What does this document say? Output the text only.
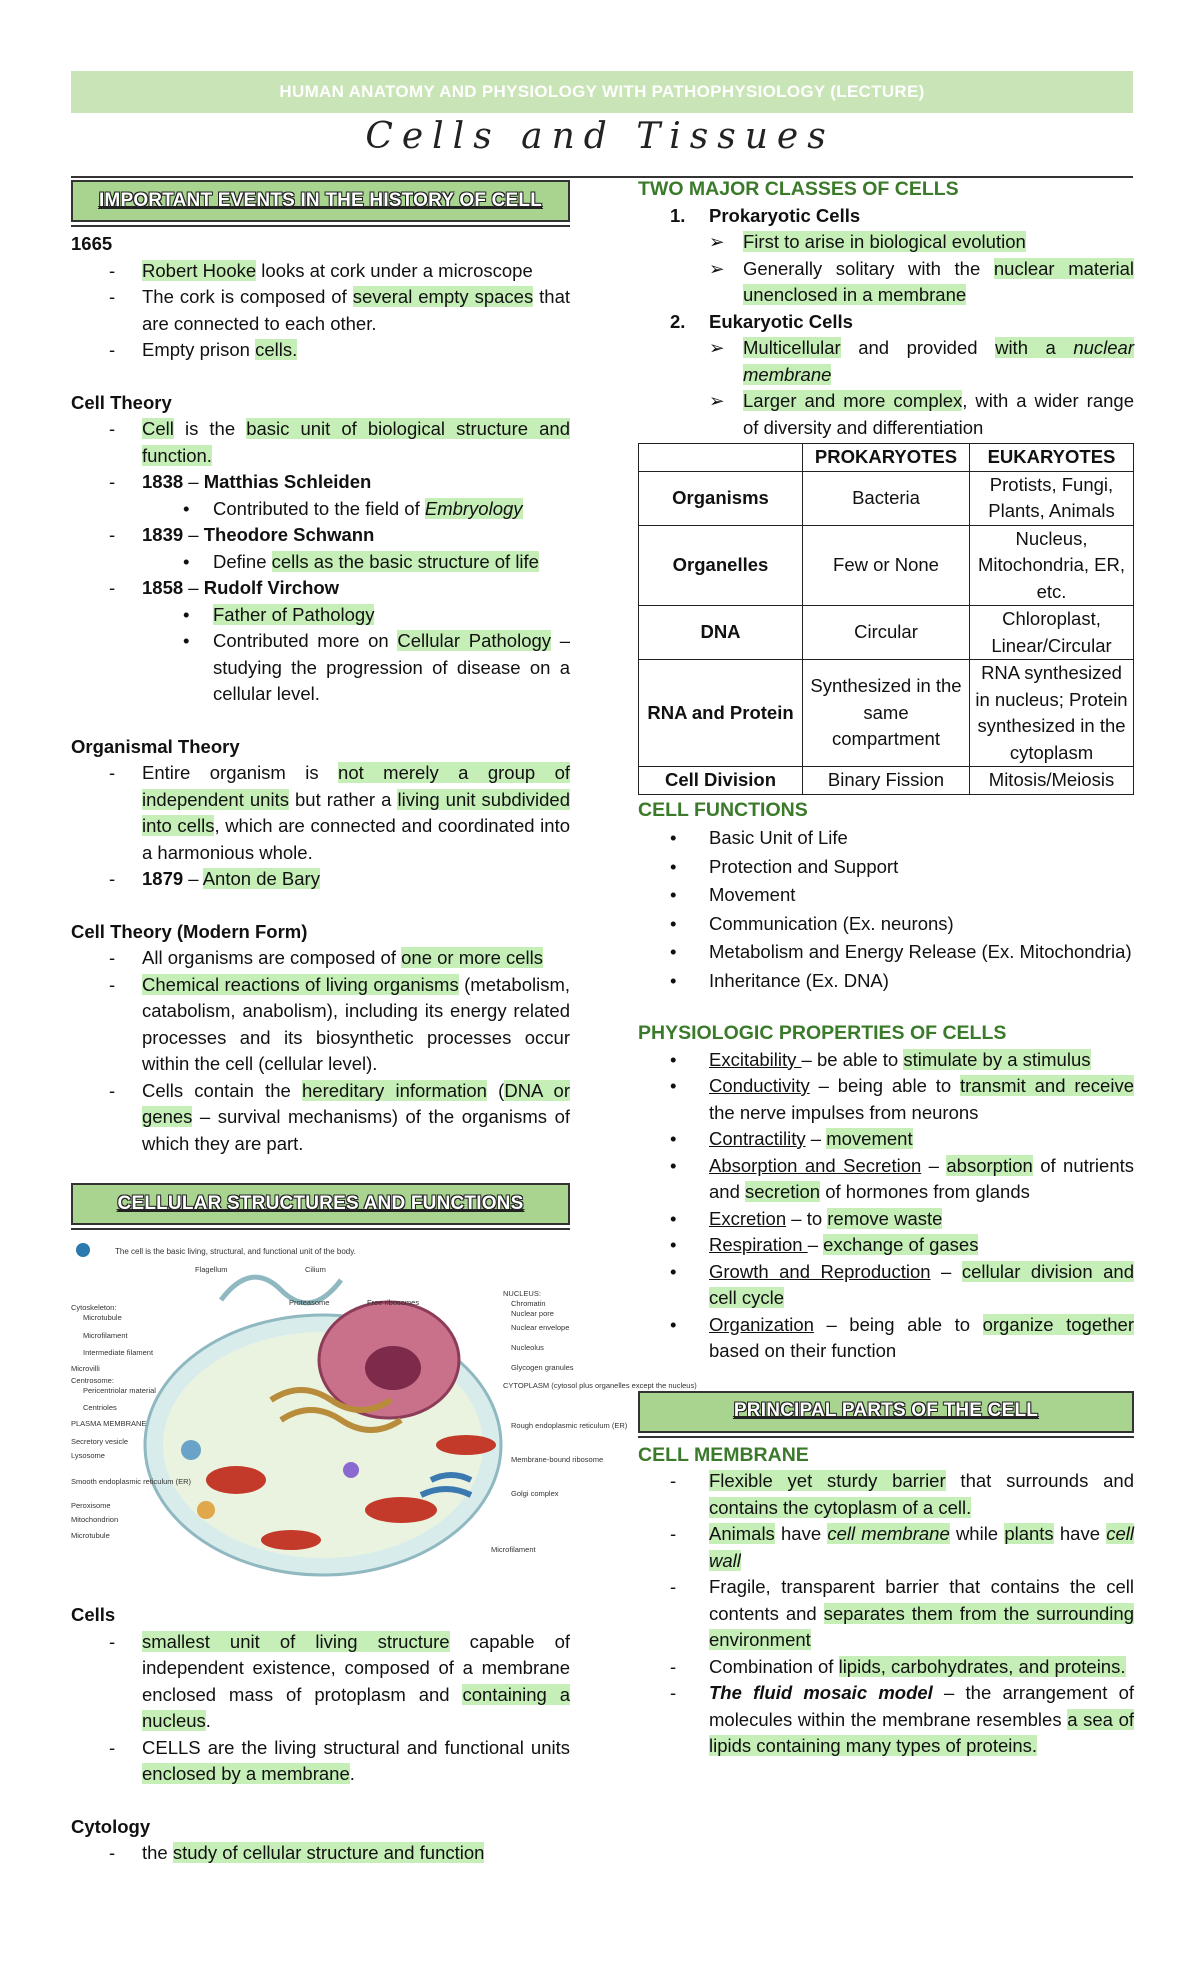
HUMAN ANATOMY AND PHYSIOLOGY WITH PATHOPHYSIOLOGY (LECTURE)
Cells and Tissues
IMPORTANT EVENTS IN THE HISTORY OF CELL
1665
-	Robert Hooke looks at cork under a microscope
-	The cork is composed of several empty spaces that are connected to each other.
-	Empty prison cells.
Cell Theory
-	Cell is the basic unit of biological structure and function.
-	1838 – Matthias Schleiden
•	Contributed to the field of Embryology
-	1839 – Theodore Schwann
•	Define cells as the basic structure of life
-	1858 – Rudolf Virchow
•	Father of Pathology
•	Contributed more on Cellular Pathology – studying the progression of disease on a cellular level.
Organismal Theory
-	Entire organism is not merely a group of independent units but rather a living unit subdivided into cells, which are connected and coordinated into a harmonious whole.
-	1879 – Anton de Bary
Cell Theory (Modern Form)
-	All organisms are composed of one or more cells
-	Chemical reactions of living organisms (metabolism, catabolism, anabolism), including its energy related processes and its biosynthetic processes occur within the cell (cellular level).
-	Cells contain the hereditary information (DNA or genes – survival mechanisms) of the organisms of which they are part.
CELLULAR STRUCTURES AND FUNCTIONS
The cell is the basic living, structural, and functional unit of the body.
Cytoskeleton:
Microtubule
Microfilament
Intermediate filament
Microvilli
Centrosome:
Pericentriolar material
Centrioles
PLASMA MEMBRANE
Secretory vesicle
Lysosome
Smooth endoplasmic reticulum (ER)
Peroxisome
Mitochondrion
Microtubule
Flagellum	Cilium
Proteasome	Free ribosomes
NUCLEUS:
Chromatin
Nuclear pore
Nuclear envelope
Nucleolus
Glycogen granules
CYTOPLASM (cytosol plus organelles except the nucleus)
Rough endoplasmic reticulum (ER)
Membrane-bound ribosome
Golgi complex
Microfilament
Cells
-	smallest unit of living structure capable of independent existence, composed of a membrane enclosed mass of protoplasm and containing a nucleus.
-	CELLS are the living structural and functional units enclosed by a membrane.
Cytology
-	the study of cellular structure and function
TWO MAJOR CLASSES OF CELLS
1.	Prokaryotic Cells
➢ First to arise in biological evolution
➢ Generally solitary with the nuclear material unenclosed in a membrane
2.	Eukaryotic Cells
➢ Multicellular and provided with a nuclear membrane
➢ Larger and more complex, with a wider range of diversity and differentiation
	PROKARYOTES	EUKARYOTES
Organisms	Bacteria	Protists, Fungi, Plants, Animals
Organelles	Few or None	Nucleus, Mitochondria, ER, etc.
DNA	Circular	Chloroplast, Linear/Circular
RNA and Protein	Synthesized in the same compartment	RNA synthesized in nucleus; Protein synthesized in the cytoplasm
Cell Division	Binary Fission	Mitosis/Meiosis
CELL FUNCTIONS
•	Basic Unit of Life
•	Protection and Support
•	Movement
•	Communication (Ex. neurons)
•	Metabolism and Energy Release (Ex. Mitochondria)
•	Inheritance (Ex. DNA)
PHYSIOLOGIC PROPERTIES OF CELLS
•	Excitability – be able to stimulate by a stimulus
•	Conductivity – being able to transmit and receive the nerve impulses from neurons
•	Contractility – movement
•	Absorption and Secretion – absorption of nutrients and secretion of hormones from glands
•	Excretion – to remove waste
•	Respiration – exchange of gases
•	Growth and Reproduction – cellular division and cell cycle
•	Organization – being able to organize together based on their function
PRINCIPAL PARTS OF THE CELL
CELL MEMBRANE
-	Flexible yet sturdy barrier that surrounds and contains the cytoplasm of a cell.
-	Animals have cell membrane while plants have cell wall
-	Fragile, transparent barrier that contains the cell contents and separates them from the surrounding environment
-	Combination of lipids, carbohydrates, and proteins.
-	The fluid mosaic model – the arrangement of molecules within the membrane resembles a sea of lipids containing many types of proteins.
